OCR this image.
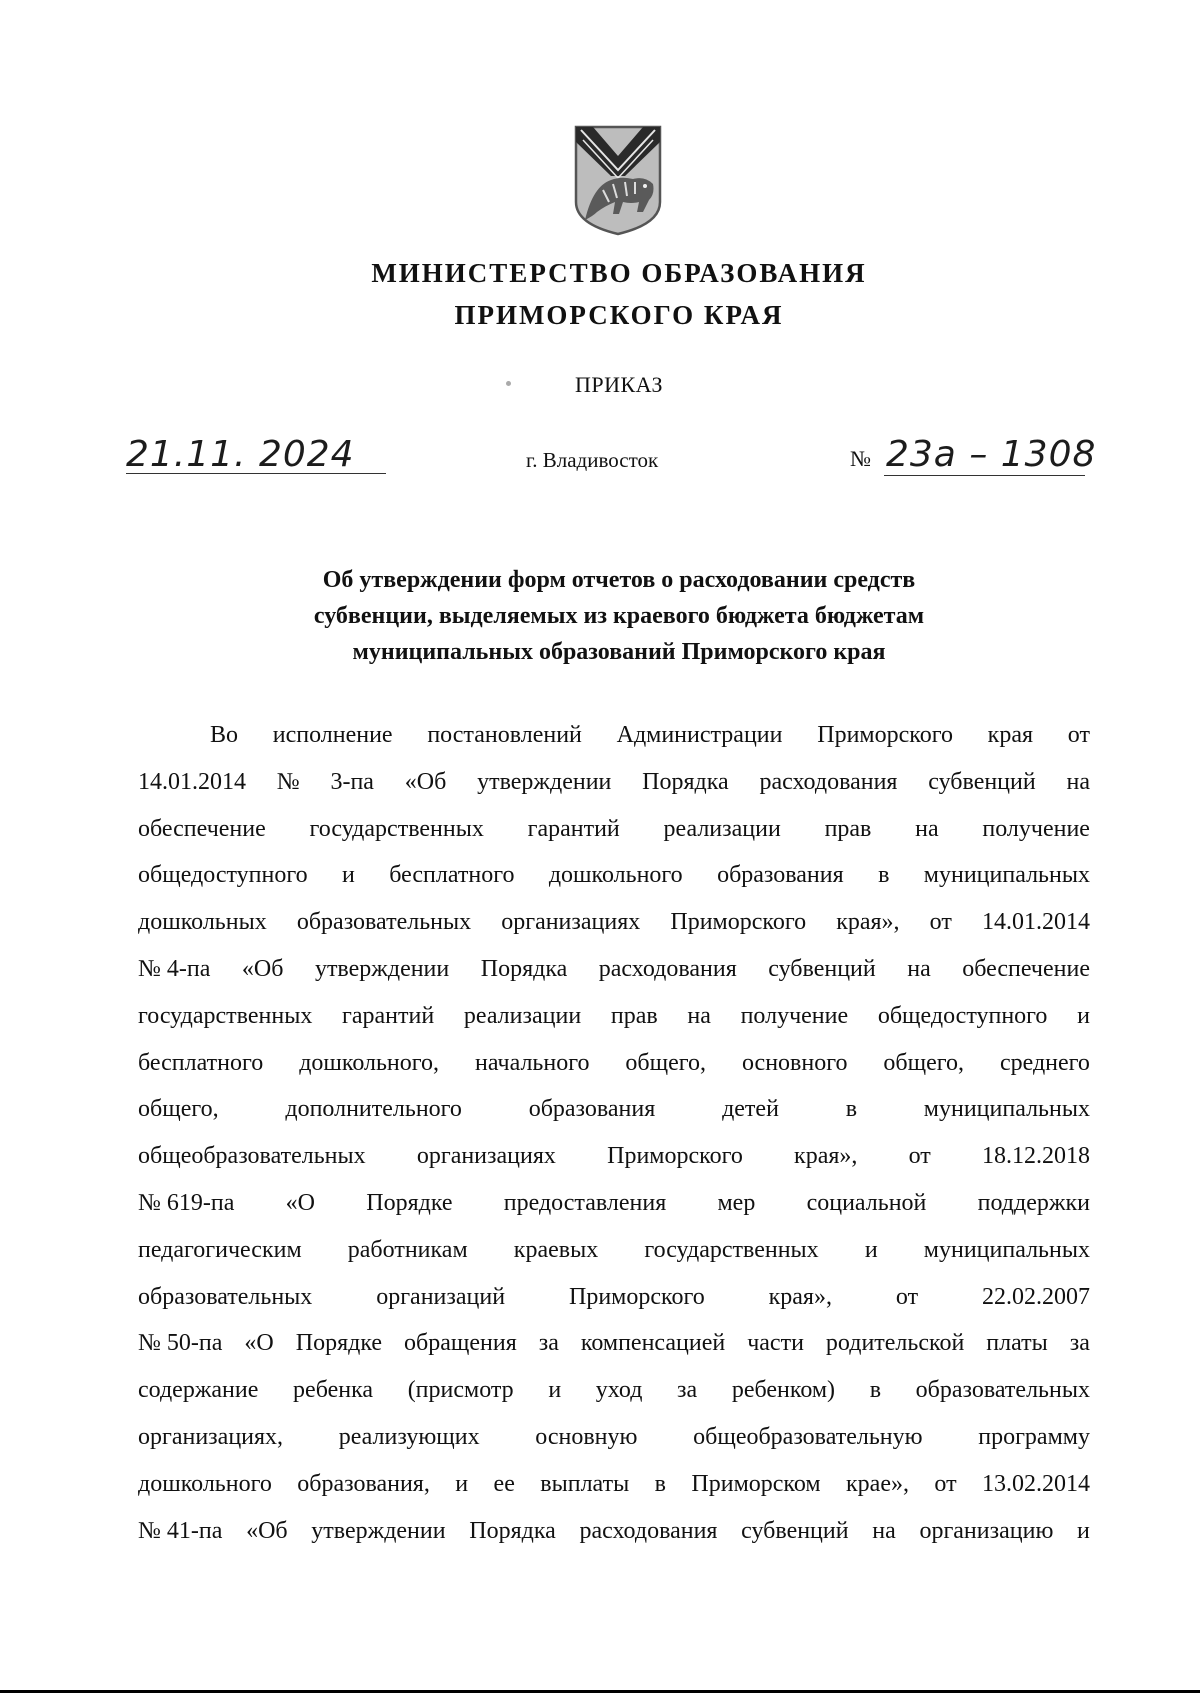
МИНИСТЕРСТВО ОБРАЗОВАНИЯ
ПРИМОРСКОГО КРАЯ
ПРИКАЗ
21.11. 2024	г. Владивосток	№ 23а – 1308
Об утверждении форм отчетов о расходовании средств
субвенции, выделяемых из краевого бюджета бюджетам
муниципальных образований Приморского края
Во исполнение постановлений Администрации Приморского края от
14.01.2014 № 3-па «Об утверждении Порядка расходования субвенций на
обеспечение государственных гарантий реализации прав на получение
общедоступного и бесплатного дошкольного образования в муниципальных
дошкольных образовательных организациях Приморского края», от 14.01.2014
№ 4-па «Об утверждении Порядка расходования субвенций на обеспечение
государственных гарантий реализации прав на получение общедоступного и
бесплатного дошкольного, начального общего, основного общего, среднего
общего,	дополнительного	образования	детей	в	муниципальных
общеобразовательных организациях Приморского края», от 18.12.2018
№ 619-па «О Порядке предоставления мер социальной поддержки
педагогическим работникам краевых государственных и муниципальных
образовательных	организаций	Приморского	края»,	от	22.02.2007
№ 50-па «О Порядке обращения за компенсацией части родительской платы за
содержание ребенка (присмотр и уход за ребенком) в образовательных
организациях, реализующих основную общеобразовательную программу
дошкольного образования, и ее выплаты в Приморском крае», от 13.02.2014
№ 41-па «Об утверждении Порядка расходования субвенций на организацию и
